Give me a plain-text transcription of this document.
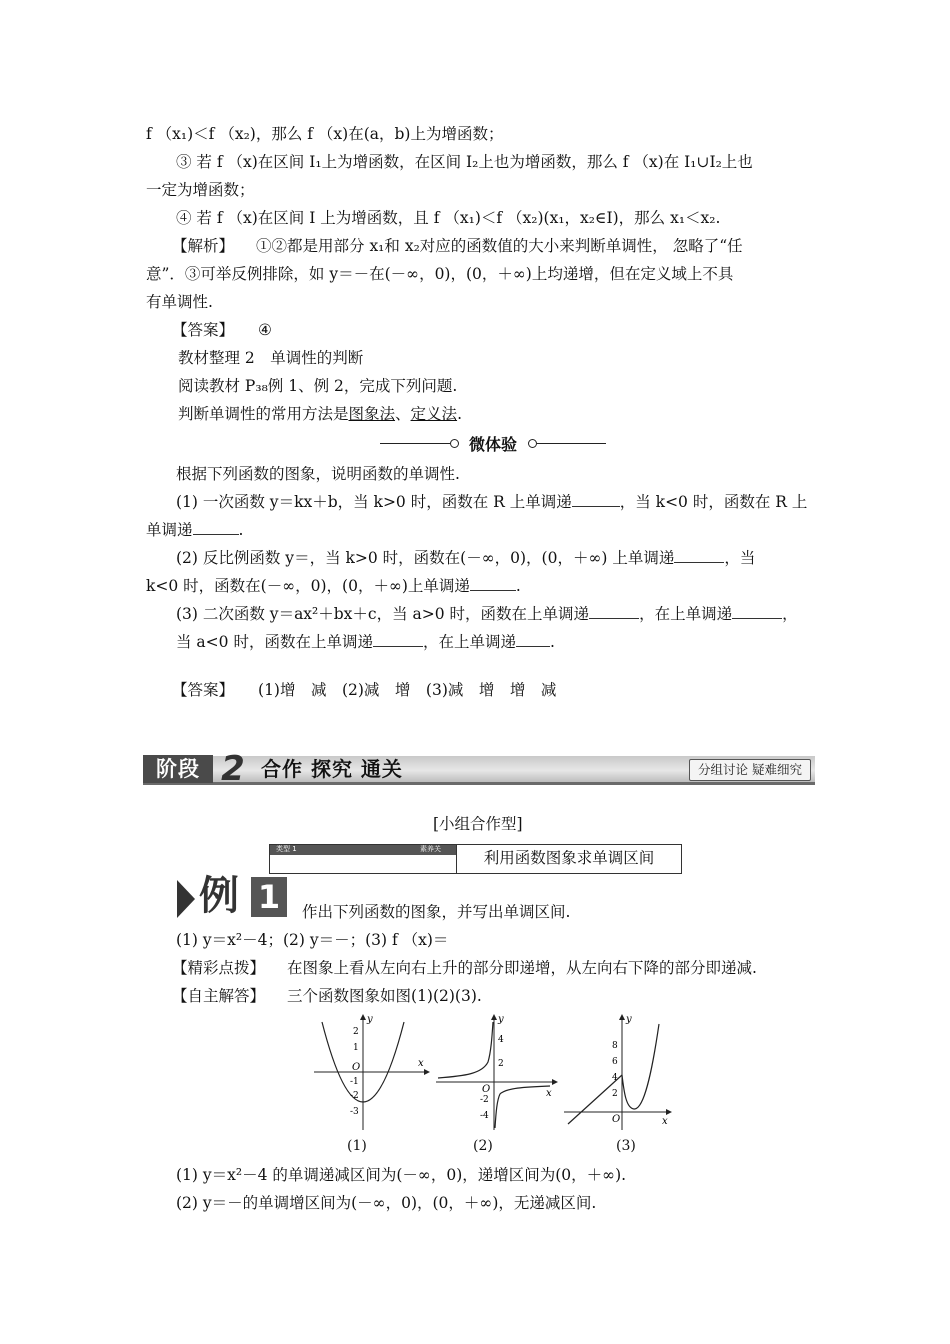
f （x₁)＜f （x₂)，那么 f （x)在(a，b)上为增函数；
③ 若 f （x)在区间 I₁上为增函数，在区间 I₂上也为增函数，那么 f （x)在 I₁∪I₂上也
一定为增函数；
④ 若 f （x)在区间 I 上为增函数，且 f （x₁)＜f （x₂)(x₁，x₂∈I)，那么 x₁＜x₂.
【解析】 ①②都是用部分 x₁和 x₂对应的函数值的大小来判断单调性， 忽略了“任
意”．③可举反例排除，如 y＝－在(－∞，0)，(0，＋∞)上均递增，但在定义域上不具
有单调性.
【答案】 ④
教材整理 2　单调性的判断
阅读教材 P₃₈例 1、例 2，完成下列问题.
判断单调性的常用方法是图象法、定义法.
微体验
根据下列函数的图象，说明函数的单调性.
(1) 一次函数 y＝kx＋b，当 k>0 时，函数在 R 上单调递	，当 k<0 时，函数在 R 上
单调递	.
(2) 反比例函数 y＝，当 k>0 时，函数在(－∞，0)，(0，＋∞) 上单调递	，当
k<0 时，函数在(－∞，0)，(0，＋∞)上单调递	.
(3) 二次函数 y＝ax²＋bx＋c，当 a>0 时，函数在上单调递	，在上单调递	，
当 a<0 时，函数在上单调递	，在上单调递 .
【答案】 (1)增　减　(2)减　增　(3)减　增　增　减
阶段 2 合作 探究 通关	分组讨论 疑难细究
[小组合作型]
类型 1	素养关	利用函数图象求单调区间
例 1	作出下列函数的图象，并写出单调区间.
(1) y＝x²－4；(2) y＝－；(3) f （x)＝
【精彩点拨】 在图象上看从左向右上升的部分即递增，从左向右下降的部分即递减.
【自主解答】 三个函数图象如图(1)(2)(3).
x
y
O
2
1
-1
-2
-3
(1)
x
y
O
4
2
-2
-4
(2)
x
y
O
8
6
4
2
(3)
(1) y＝x²－4 的单调递减区间为(－∞，0)，递增区间为(0，＋∞).
(2) y＝－的单调增区间为(－∞，0)，(0，＋∞)，无递减区间.
